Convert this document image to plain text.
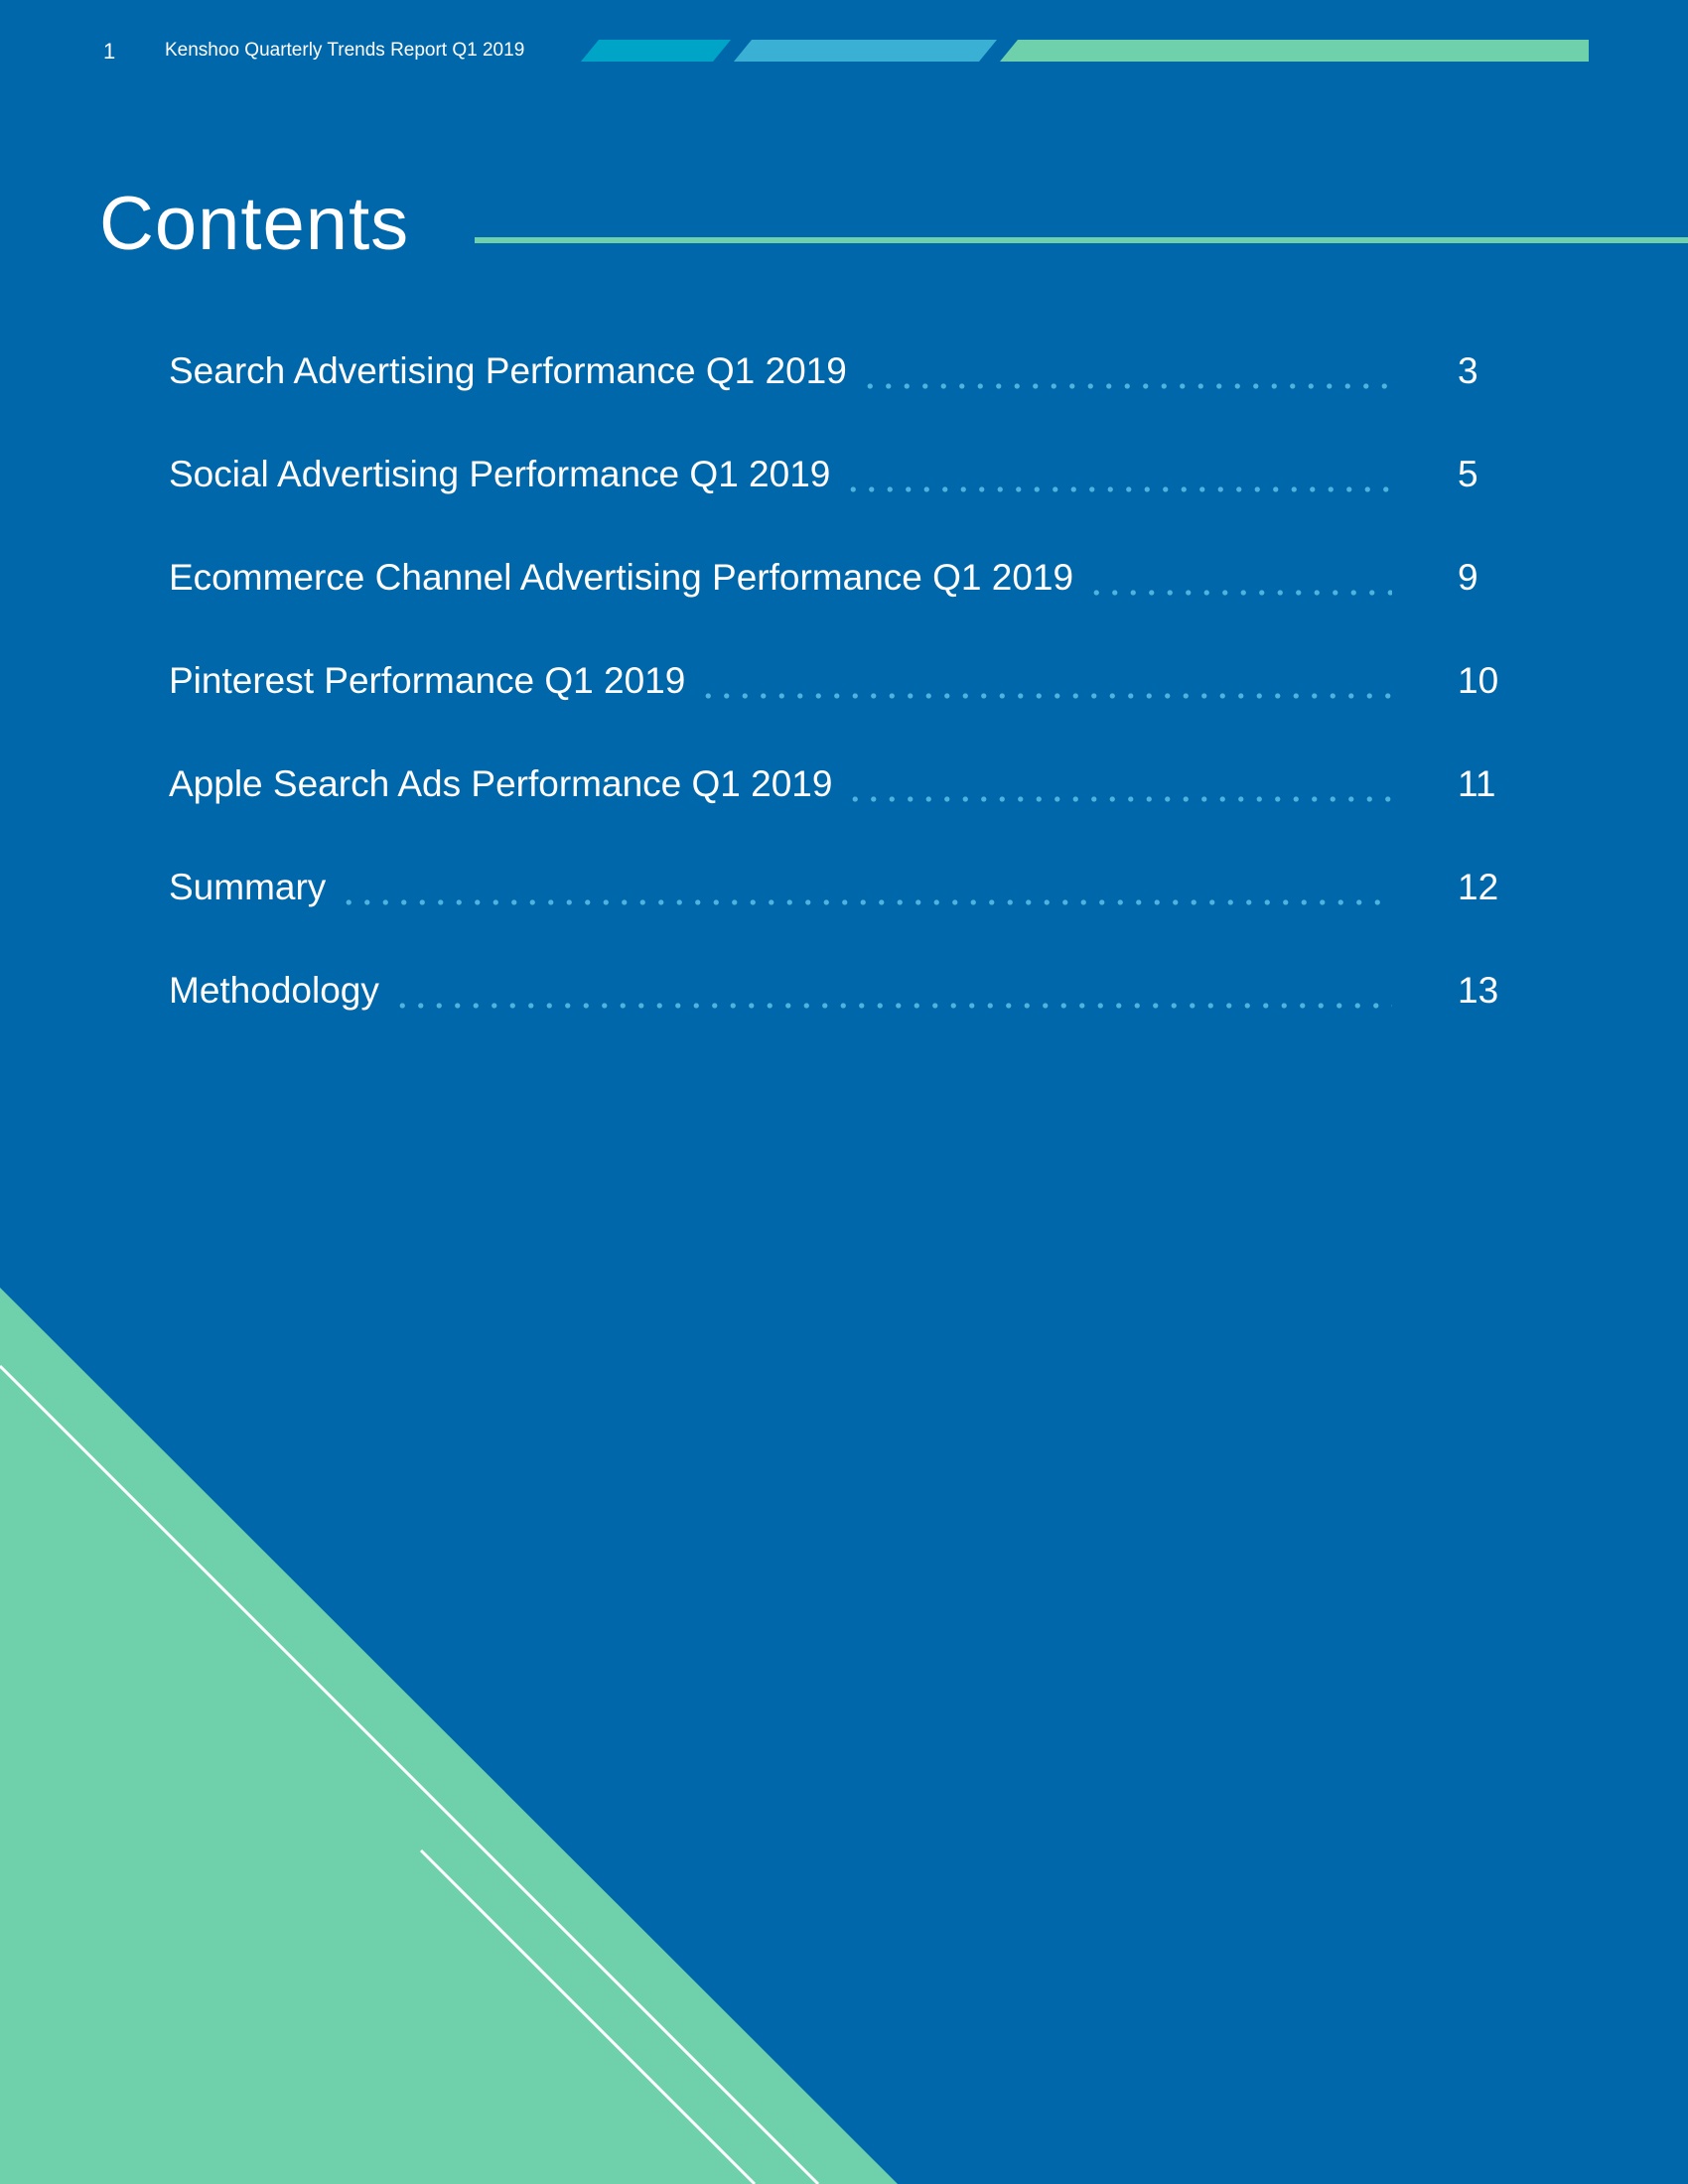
1	Kenshoo Quarterly Trends Report Q1 2019
Contents
Search Advertising Performance Q1 2019	3
Social Advertising Performance Q1 2019	5
Ecommerce Channel Advertising Performance Q1 2019	9
Pinterest Performance Q1 2019	10
Apple Search Ads Performance Q1 2019	11
Summary	12
Methodology	13
